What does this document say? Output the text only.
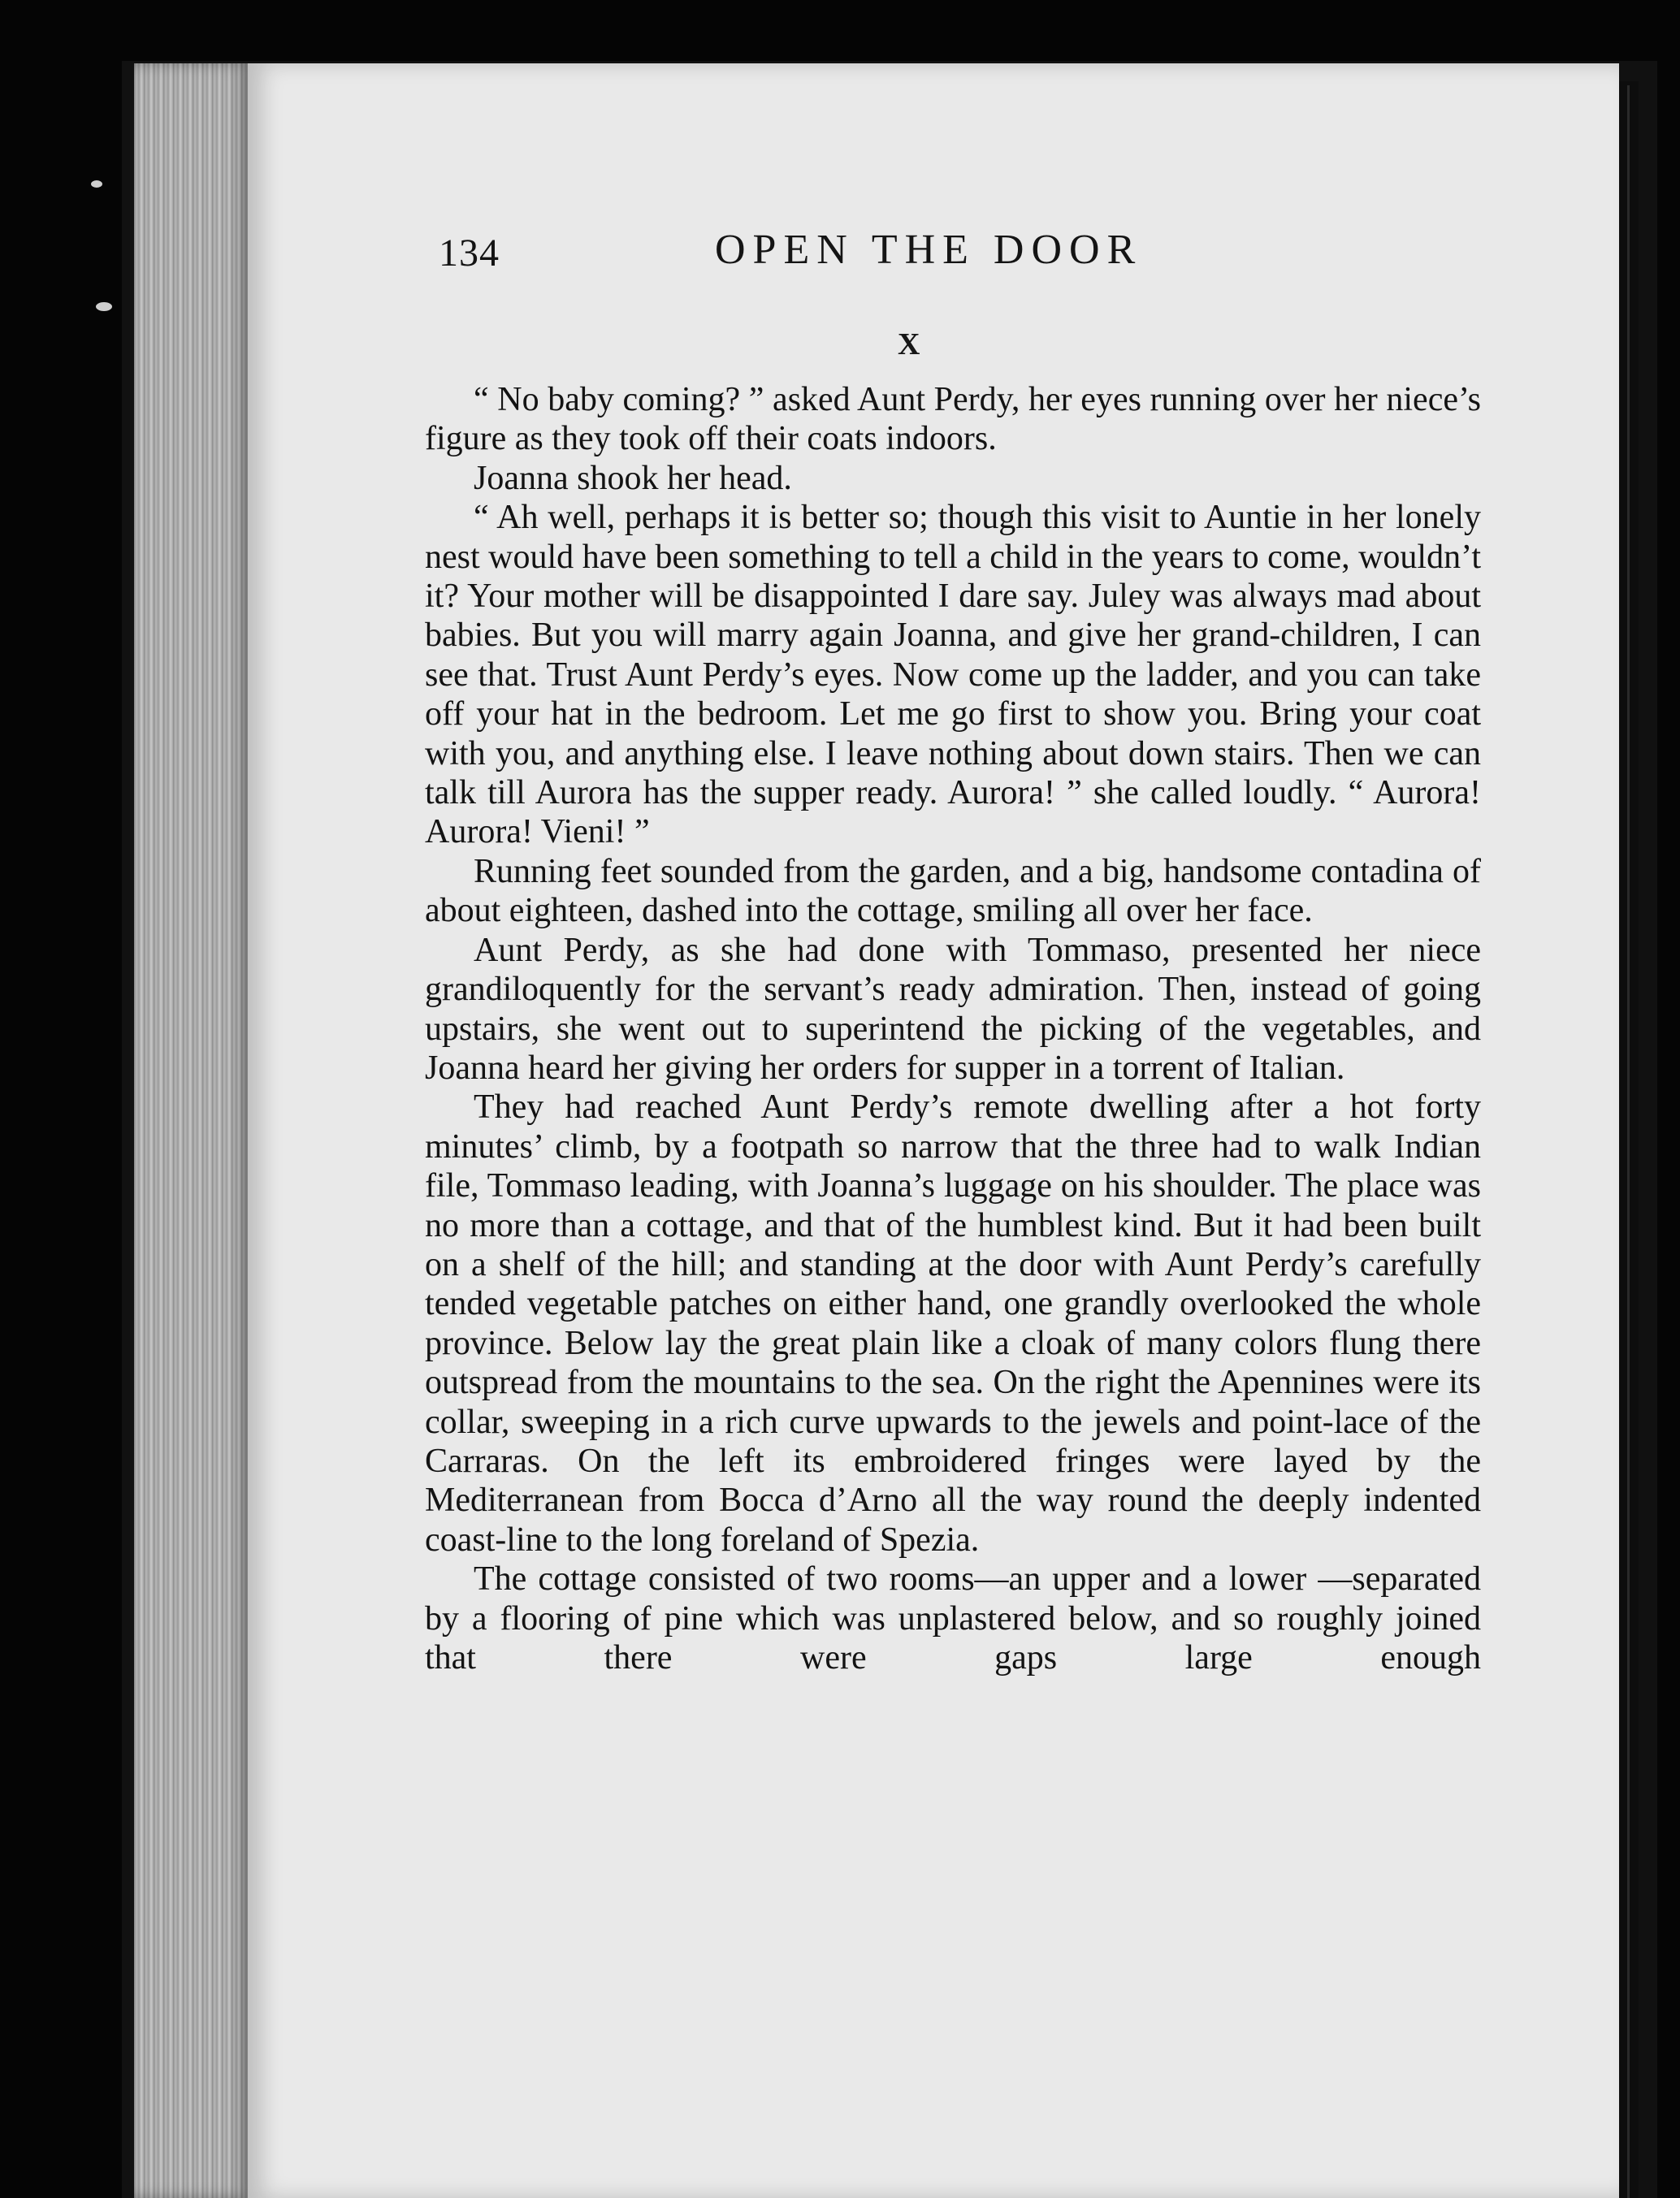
134	OPEN THE DOOR
X

“ No baby coming? ” asked Aunt Perdy, her eyes running over her niece’s figure as they took off their coats indoors.

Joanna shook her head.

“ Ah well, perhaps it is better so; though this visit to Auntie in her lonely nest would have been something to tell a child in the years to come, wouldn’t it? Your mother will be disappointed I dare say. Juley was always mad about babies. But you will marry again Joanna, and give her grand-children, I can see that. Trust Aunt Perdy’s eyes. Now come up the ladder, and you can take off your hat in the bedroom. Let me go first to show you. Bring your coat with you, and anything else. I leave nothing about down stairs. Then we can talk till Aurora has the supper ready. Aurora! ” she called loudly. “ Aurora! Aurora! Vieni! ”

Running feet sounded from the garden, and a big, handsome contadina of about eighteen, dashed into the cottage, smiling all over her face.

Aunt Perdy, as she had done with Tommaso, presented her niece grandiloquently for the servant’s ready admiration. Then, instead of going upstairs, she went out to superintend the picking of the vegetables, and Joanna heard her giving her orders for supper in a torrent of Italian.

They had reached Aunt Perdy’s remote dwelling after a hot forty minutes’ climb, by a footpath so narrow that the three had to walk Indian file, Tommaso leading, with Joanna’s luggage on his shoulder. The place was no more than a cottage, and that of the humblest kind. But it had been built on a shelf of the hill; and standing at the door with Aunt Perdy’s carefully tended vegetable patches on either hand, one grandly overlooked the whole province. Below lay the great plain like a cloak of many colors flung there outspread from the mountains to the sea. On the right the Apennines were its collar, sweeping in a rich curve upwards to the jewels and point-lace of the Carraras. On the left its embroidered fringes were layed by the Mediterranean from Bocca d’Arno all the way round the deeply indented coast-line to the long foreland of Spezia.

The cottage consisted of two rooms—an upper and a lower —separated by a flooring of pine which was unplastered below, and so roughly joined that there were gaps large enough
